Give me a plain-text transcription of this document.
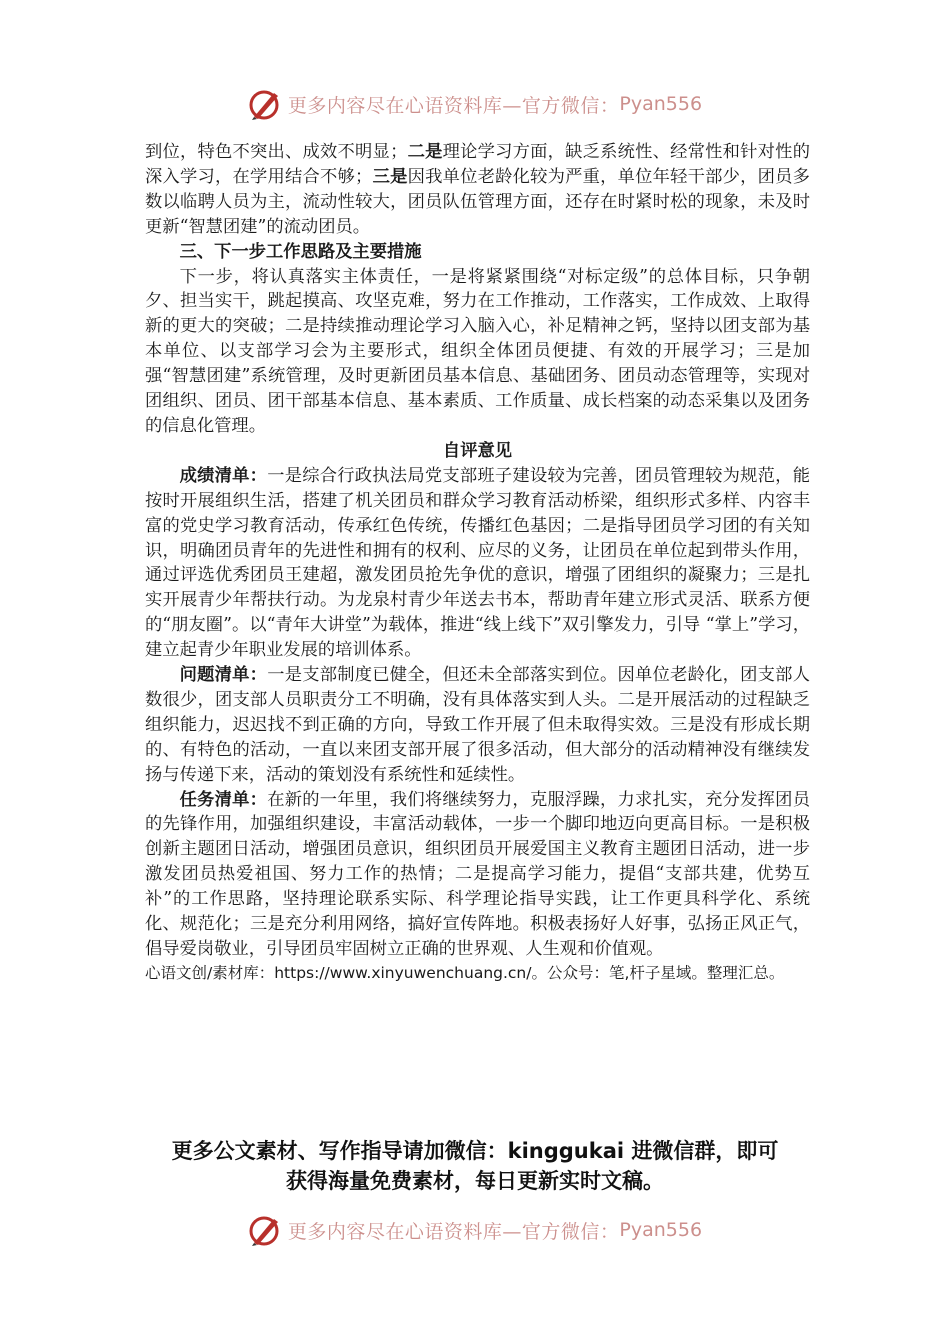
更多内容尽在心语资料库—官方微信： Pyan556

到位，特色不突出、成效不明显；二是理论学习方面，缺乏系统性、经常性和针对性的深入学习，在学用结合不够；三是因我单位老龄化较为严重，单位年轻干部少，团员多数以临聘人员为主，流动性较大，团员队伍管理方面，还存在时紧时松的现象，未及时更新“智慧团建”的流动团员。

三、下一步工作思路及主要措施

下一步，将认真落实主体责任，一是将紧紧围绕“对标定级”的总体目标，只争朝夕、担当实干，跳起摸高、攻坚克难，努力在工作推动，工作落实，工作成效、上取得新的更大的突破；二是持续推动理论学习入脑入心，补足精神之钙，坚持以团支部为基本单位、以支部学习会为主要形式，组织全体团员便捷、有效的开展学习；三是加强“智慧团建”系统管理，及时更新团员基本信息、基础团务、团员动态管理等，实现对团组织、团员、团干部基本信息、基本素质、工作质量、成长档案的动态采集以及团务的信息化管理。

自评意见

成绩清单：一是综合行政执法局党支部班子建设较为完善，团员管理较为规范，能按时开展组织生活，搭建了机关团员和群众学习教育活动桥梁，组织形式多样、内容丰富的党史学习教育活动，传承红色传统，传播红色基因；二是指导团员学习团的有关知识，明确团员青年的先进性和拥有的权利、应尽的义务，让团员在单位起到带头作用，通过评选优秀团员王建超，激发团员抢先争优的意识，增强了团组织的凝聚力；三是扎实开展青少年帮扶行动。为龙泉村青少年送去书本，帮助青年建立形式灵活、联系方便的“朋友圈”。以“青年大讲堂”为载体，推进“线上线下”双引擎发力，引导 “掌上”学习，建立起青少年职业发展的培训体系。

问题清单：一是支部制度已健全，但还未全部落实到位。因单位老龄化，团支部人数很少，团支部人员职责分工不明确，没有具体落实到人头。二是开展活动的过程缺乏组织能力，迟迟找不到正确的方向，导致工作开展了但未取得实效。三是没有形成长期的、有特色的活动，一直以来团支部开展了很多活动，但大部分的活动精神没有继续发扬与传递下来，活动的策划没有系统性和延续性。

任务清单：在新的一年里，我们将继续努力，克服浮躁，力求扎实，充分发挥团员的先锋作用，加强组织建设，丰富活动载体，一步一个脚印地迈向更高目标。一是积极创新主题团日活动，增强团员意识，组织团员开展爱国主义教育主题团日活动，进一步激发团员热爱祖国、努力工作的热情；二是提高学习能力，提倡“支部共建，优势互补”的工作思路，坚持理论联系实际、科学理论指导实践，让工作更具科学化、系统化、规范化；三是充分利用网络，搞好宣传阵地。积极表扬好人好事，弘扬正风正气，倡导爱岗敬业，引导团员牢固树立正确的世界观、人生观和价值观。

心语文创/素材库：https://www.xinyuwenchuang.cn/。公众号：笔,杆子星域。整理汇总。

更多公文素材、写作指导请加微信：kinggukai 进微信群，即可
获得海量免费素材，每日更新实时文稿。
更多内容尽在心语资料库—官方微信： Pyan556
